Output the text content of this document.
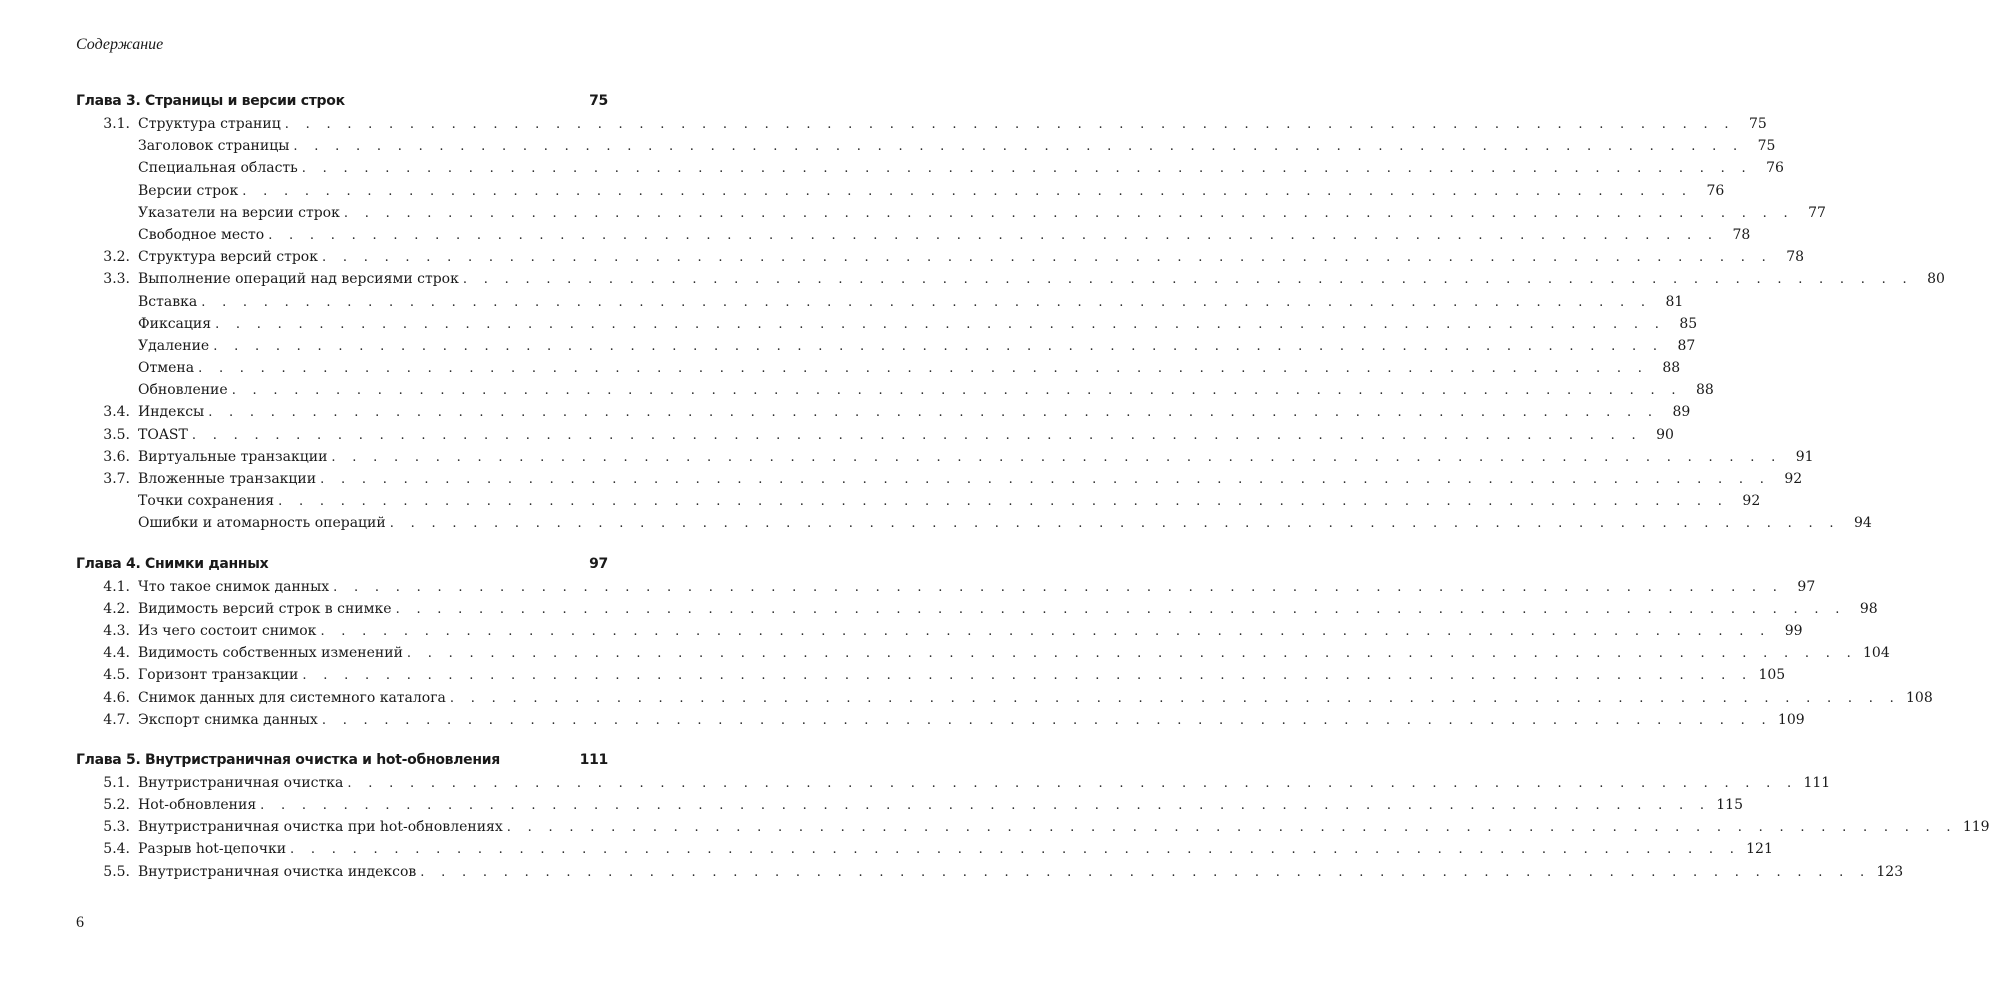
Содержание
Глава 3. Страницы и версии строк	75
3.1. Структура страниц . . . . . . . . . . . . . . . . . . . . . . . . . . . . . . . . . . . . . . . . . . . . . . . . . . . . . . . . . . . . . . . . . . . . . .	75
Заголовок страницы . . . . . . . . . . . . . . . . . . . . . . . . . . . . . . . . . . . . . . . . . . . . . . . . . . . . . . . . . . . . . . . . . . . . . .	75
Специальная область . . . . . . . . . . . . . . . . . . . . . . . . . . . . . . . . . . . . . . . . . . . . . . . . . . . . . . . . . . . . . . . . . . . . . .	76
Версии строк . . . . . . . . . . . . . . . . . . . . . . . . . . . . . . . . . . . . . . . . . . . . . . . . . . . . . . . . . . . . . . . . . . . . . .	76
Указатели на версии строк . . . . . . . . . . . . . . . . . . . . . . . . . . . . . . . . . . . . . . . . . . . . . . . . . . . . . . . . . . . . . . . . . . . . . .	77
Свободное место . . . . . . . . . . . . . . . . . . . . . . . . . . . . . . . . . . . . . . . . . . . . . . . . . . . . . . . . . . . . . . . . . . . . . .	78
3.2. Структура версий строк . . . . . . . . . . . . . . . . . . . . . . . . . . . . . . . . . . . . . . . . . . . . . . . . . . . . . . . . . . . . . . . . . . . . . .	78
3.3. Выполнение операций над версиями строк . . . . . . . . . . . . . . . . . . . . . . . . . . . . . . . . . . . . . . . . . . . . . . . . . . . . . . . . . . . . . . . . . . . . . .	80
Вставка . . . . . . . . . . . . . . . . . . . . . . . . . . . . . . . . . . . . . . . . . . . . . . . . . . . . . . . . . . . . . . . . . . . . . .	81
Фиксация . . . . . . . . . . . . . . . . . . . . . . . . . . . . . . . . . . . . . . . . . . . . . . . . . . . . . . . . . . . . . . . . . . . . . .	85
Удаление . . . . . . . . . . . . . . . . . . . . . . . . . . . . . . . . . . . . . . . . . . . . . . . . . . . . . . . . . . . . . . . . . . . . . .	87
Отмена . . . . . . . . . . . . . . . . . . . . . . . . . . . . . . . . . . . . . . . . . . . . . . . . . . . . . . . . . . . . . . . . . . . . . .	88
Обновление . . . . . . . . . . . . . . . . . . . . . . . . . . . . . . . . . . . . . . . . . . . . . . . . . . . . . . . . . . . . . . . . . . . . . .	88
3.4. Индексы . . . . . . . . . . . . . . . . . . . . . . . . . . . . . . . . . . . . . . . . . . . . . . . . . . . . . . . . . . . . . . . . . . . . . .	89
3.5. TOAST . . . . . . . . . . . . . . . . . . . . . . . . . . . . . . . . . . . . . . . . . . . . . . . . . . . . . . . . . . . . . . . . . . . . . .	90
3.6. Виртуальные транзакции . . . . . . . . . . . . . . . . . . . . . . . . . . . . . . . . . . . . . . . . . . . . . . . . . . . . . . . . . . . . . . . . . . . . . .	91
3.7. Вложенные транзакции . . . . . . . . . . . . . . . . . . . . . . . . . . . . . . . . . . . . . . . . . . . . . . . . . . . . . . . . . . . . . . . . . . . . . .	92
Точки сохранения . . . . . . . . . . . . . . . . . . . . . . . . . . . . . . . . . . . . . . . . . . . . . . . . . . . . . . . . . . . . . . . . . . . . . .	92
Ошибки и атомарность операций . . . . . . . . . . . . . . . . . . . . . . . . . . . . . . . . . . . . . . . . . . . . . . . . . . . . . . . . . . . . . . . . . . . . . .	94
Глава 4. Снимки данных	97
4.1. Что такое снимок данных . . . . . . . . . . . . . . . . . . . . . . . . . . . . . . . . . . . . . . . . . . . . . . . . . . . . . . . . . . . . . . . . . . . . . .	97
4.2. Видимость версий строк в снимке . . . . . . . . . . . . . . . . . . . . . . . . . . . . . . . . . . . . . . . . . . . . . . . . . . . . . . . . . . . . . . . . . . . . . .	98
4.3. Из чего состоит снимок . . . . . . . . . . . . . . . . . . . . . . . . . . . . . . . . . . . . . . . . . . . . . . . . . . . . . . . . . . . . . . . . . . . . . .	99
4.4. Видимость собственных изменений . . . . . . . . . . . . . . . . . . . . . . . . . . . . . . . . . . . . . . . . . . . . . . . . . . . . . . . . . . . . . . . . . . . . . . 104
4.5. Горизонт транзакции . . . . . . . . . . . . . . . . . . . . . . . . . . . . . . . . . . . . . . . . . . . . . . . . . . . . . . . . . . . . . . . . . . . . . . 105
4.6. Снимок данных для системного каталога . . . . . . . . . . . . . . . . . . . . . . . . . . . . . . . . . . . . . . . . . . . . . . . . . . . . . . . . . . . . . . . . . . . . . . 108
4.7. Экспорт снимка данных . . . . . . . . . . . . . . . . . . . . . . . . . . . . . . . . . . . . . . . . . . . . . . . . . . . . . . . . . . . . . . . . . . . . . . 109
Глава 5. Внутристраничная очистка и hot-обновления	111
5.1. Внутристраничная очистка . . . . . . . . . . . . . . . . . . . . . . . . . . . . . . . . . . . . . . . . . . . . . . . . . . . . . . . . . . . . . . . . . . . . . . 111
5.2. Hot-обновления . . . . . . . . . . . . . . . . . . . . . . . . . . . . . . . . . . . . . . . . . . . . . . . . . . . . . . . . . . . . . . . . . . . . . . 115
5.3. Внутристраничная очистка при hot-обновлениях . . . . . . . . . . . . . . . . . . . . . . . . . . . . . . . . . . . . . . . . . . . . . . . . . . . . . . . . . . . . . . . . . . . . . . 119
5.4. Разрыв hot-цепочки . . . . . . . . . . . . . . . . . . . . . . . . . . . . . . . . . . . . . . . . . . . . . . . . . . . . . . . . . . . . . . . . . . . . . . 121
5.5. Внутристраничная очистка индексов . . . . . . . . . . . . . . . . . . . . . . . . . . . . . . . . . . . . . . . . . . . . . . . . . . . . . . . . . . . . . . . . . . . . . . 123
6
